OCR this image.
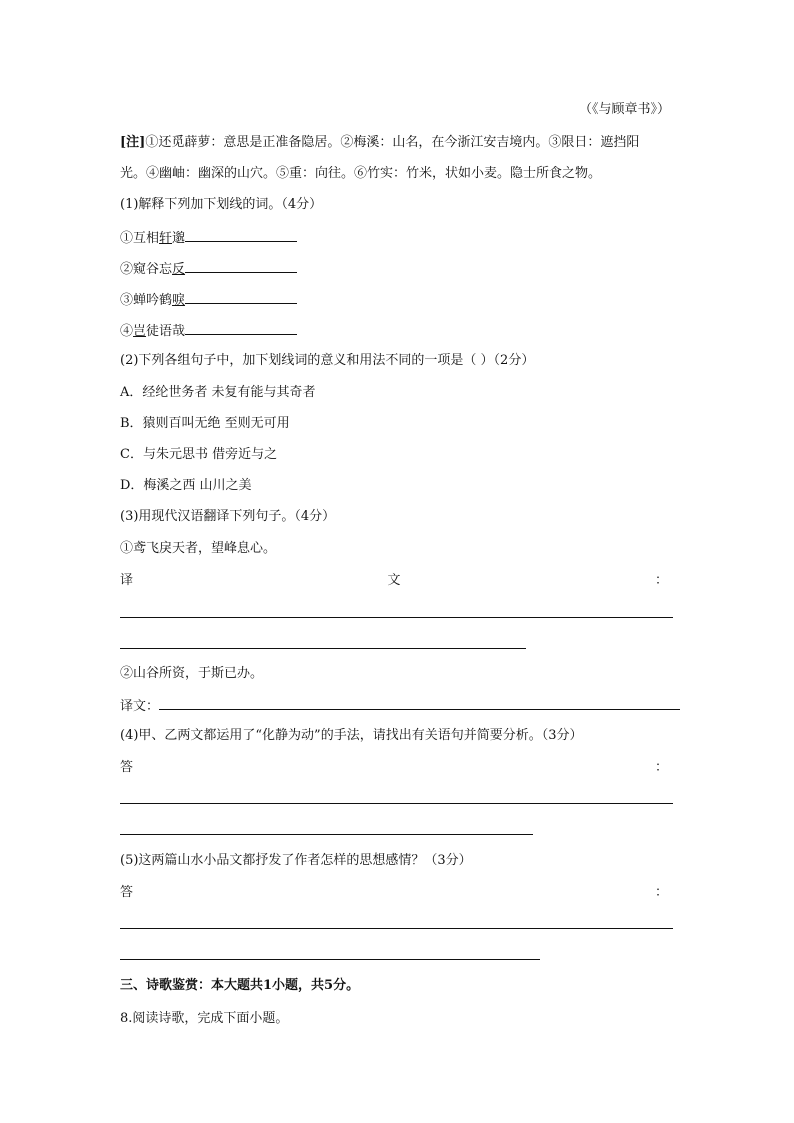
（《与顾章书》）
[注]①还觅薜萝：意思是正准备隐居。②梅溪：山名，在今浙江安吉境内。③限日：遮挡阳
光。④幽岫：幽深的山穴。⑤重：向往。⑥竹实：竹米，状如小麦。隐士所食之物。
(1)解释下列加下划线的词。（4分）
①互相轩邈
②窥谷忘反
③蝉吟鹤唳
④岂徒语哉
(2)下列各组句子中，加下划线词的意义和用法不同的一项是（ ）（2分）
A．经纶世务者 未复有能与其奇者
B．猿则百叫无绝 至则无可用
C．与朱元思书 借旁近与之
D．梅溪之西 山川之美
(3)用现代汉语翻译下列句子。（4分）
①鸢飞戾天者，望峰息心。
译	文	：
②山谷所资，于斯已办。
译文：
(4)甲、乙两文都运用了“化静为动”的手法，请找出有关语句并简要分析。（3分）
答	：
(5)这两篇山水小品文都抒发了作者怎样的思想感情？（3分）
答	：
三、诗歌鉴赏：本大题共1小题，共5分。
8.阅读诗歌，完成下面小题。
